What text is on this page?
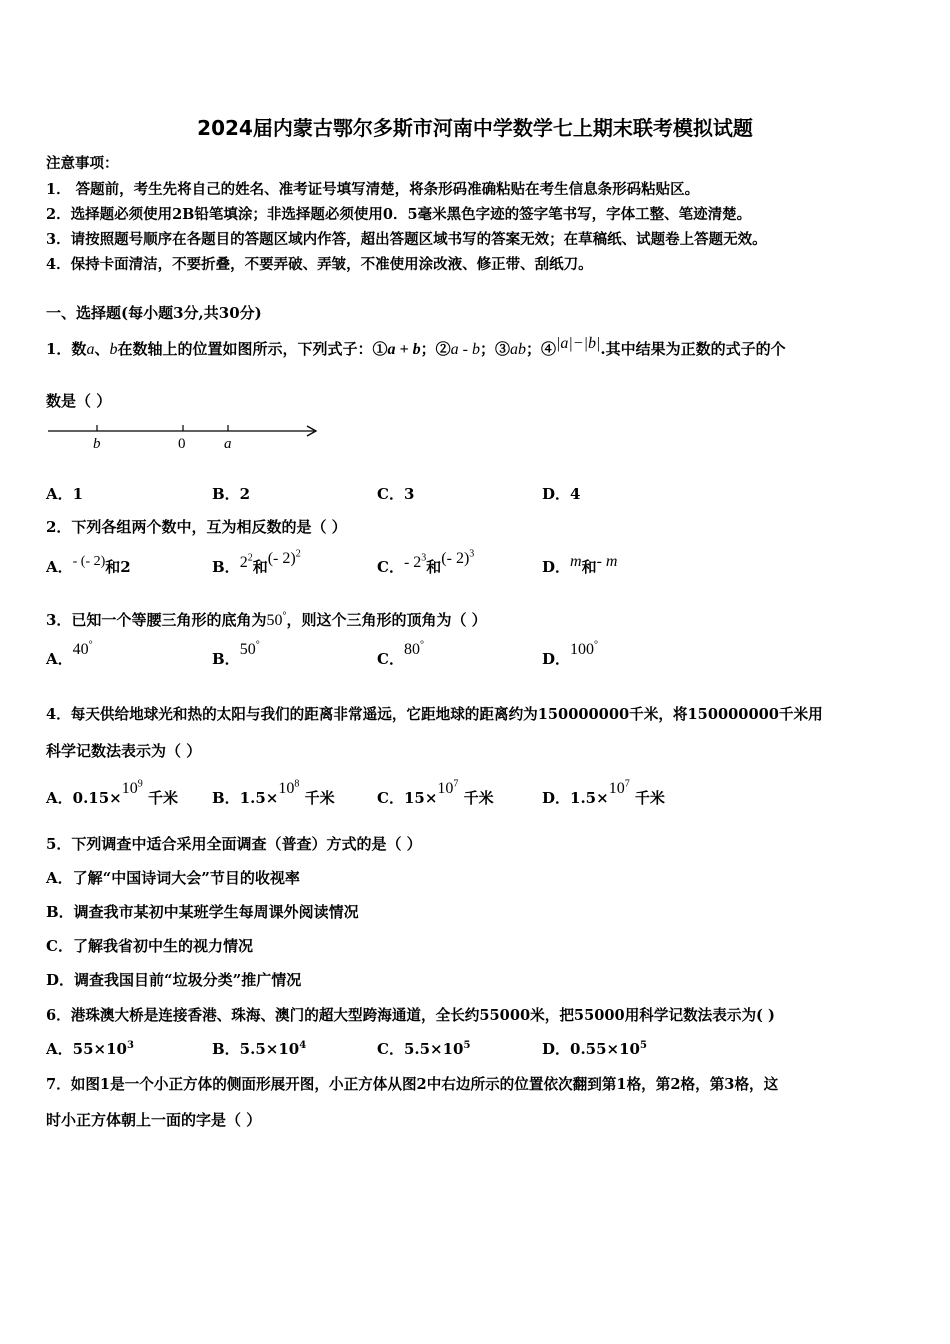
2024届内蒙古鄂尔多斯市河南中学数学七上期末联考模拟试题
注意事项：
1． 答题前，考生先将自己的姓名、准考证号填写清楚，将条形码准确粘贴在考生信息条形码粘贴区。
2．选择题必须使用2B铅笔填涂；非选择题必须使用0．5毫米黑色字迹的签字笔书写，字体工整、笔迹清楚。
3．请按照题号顺序在各题目的答题区域内作答，超出答题区域书写的答案无效；在草稿纸、试题卷上答题无效。
4．保持卡面清洁，不要折叠，不要弄破、弄皱，不准使用涂改液、修正带、刮纸刀。
一、选择题(每小题3分,共30分)
1．数a、b在数轴上的位置如图所示，下列式子：①a + b；②a - b；③ab；④|a|−|b|.其中结果为正数的式子的个
数是（ ）
b	0	a
A．1	B．2	C．3	D．4
2．下列各组两个数中，互为相反数的是（ ）
A．- (- 2)和2	B．$2^2$和(- 2)$^2$
C．- $2^3$和(- 2)$^3$
D．m和- m
3．已知一个等腰三角形的底角为50°，则这个三角形的顶角为（ ）
A．40°
B．50°
C．80°
D．100°
4．每天供给地球光和热的太阳与我们的距离非常遥远，它距地球的距离约为150000000千米，将150000000千米用
科学记数法表示为（ ）
A．$0.15\times 10^9$ 千米 B．$1.5\times 10^8$ 千米	C．$15\times 10^7$ 千米	D．$1.5\times 10^7$ 千米
5．下列调查中适合采用全面调查（普查）方式的是（ ）
A．了解“中国诗词大会”节目的收视率
B．调查我市某初中某班学生每周课外阅读情况
C．了解我省初中生的视力情况
D．调查我国目前“垃圾分类”推广情况
6．港珠澳大桥是连接香港、珠海、澳门的超大型跨海通道，全长约55000米，把55000用科学记数法表示为( )
A．$55\times 10^3$	B．$5.5\times 10^4$	C．$5.5\times 10^5$	D．$0.55\times 10^5$
7．如图1是一个小正方体的侧面形展开图，小正方体从图2中右边所示的位置依次翻到第1格，第2格，第3格，这
时小正方体朝上一面的字是（ ）
